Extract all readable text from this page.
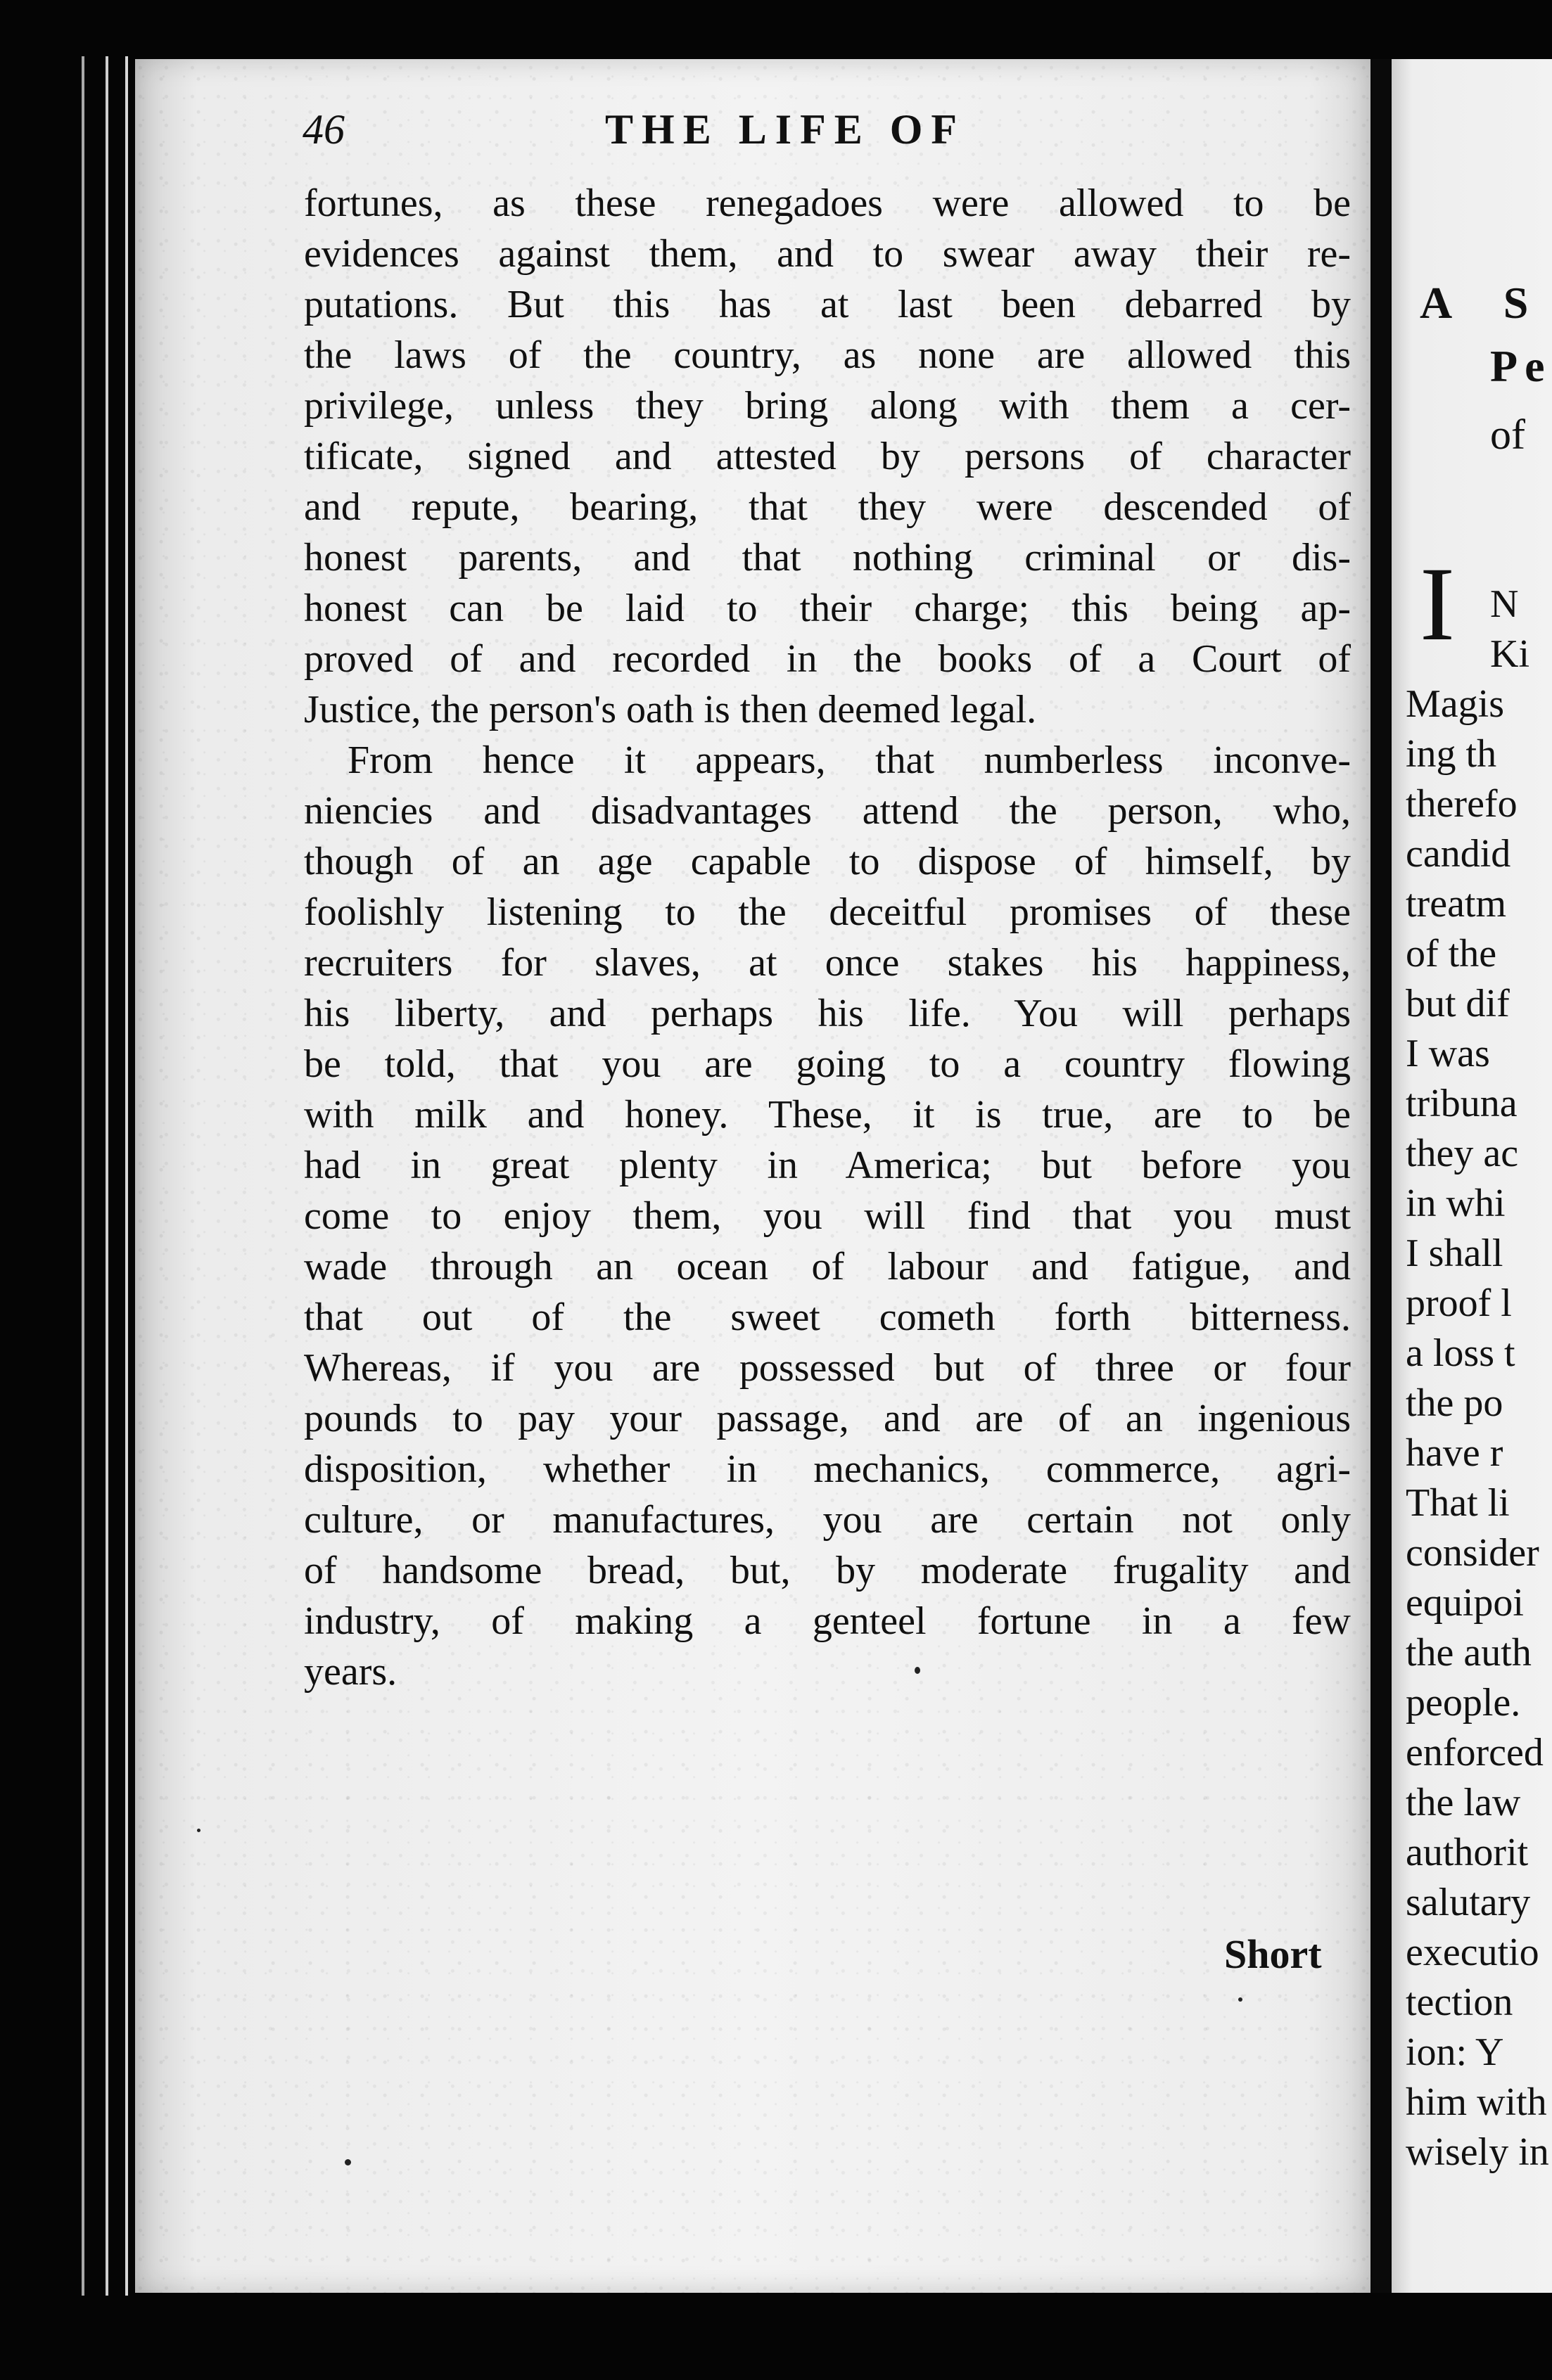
46	THE LIFE OF
fortunes, as these renegadoes were allowed to be
evidences against them, and to swear away their re-
putations. But this has at last been debarred by
the laws of the country, as none are allowed this
privilege, unless they bring along with them a cer-
tificate, signed and attested by persons of character
and repute, bearing, that they were descended of
honest parents, and that nothing criminal or dis-
honest can be laid to their charge; this being ap-
proved of and recorded in the books of a Court of
Justice, the person's oath is then deemed legal.
From hence it appears, that numberless inconve-
niencies and disadvantages attend the person, who,
though of an age capable to dispose of himself, by
foolishly listening to the deceitful promises of these
recruiters for slaves, at once stakes his happiness,
his liberty, and perhaps his life. You will perhaps
be told, that you are going to a country flowing
with milk and honey. These, it is true, are to be
had in great plenty in America; but before you
come to enjoy them, you will find that you must
wade through an ocean of labour and fatigue, and
that out of the sweet cometh forth bitterness.
Whereas, if you are possessed but of three or four
pounds to pay your passage, and are of an ingenious
disposition, whether in mechanics, commerce, agri-
culture, or manufactures, you are certain not only
of handsome bread, but, by moderate frugality and
industry, of making a genteel fortune in a few
years.
Short
A S
Pe
of
I N
Ki
Magis
ing th
therefo
candid
treatm
of the
but dif
I was
tribuna
they ac
in whi
I shall
proof l
a loss t
the po
have r
That li
consider
equipoi
the auth
people.
enforced
the law
authorit
salutary
executio
tection
ion: Y
him with
wisely in
